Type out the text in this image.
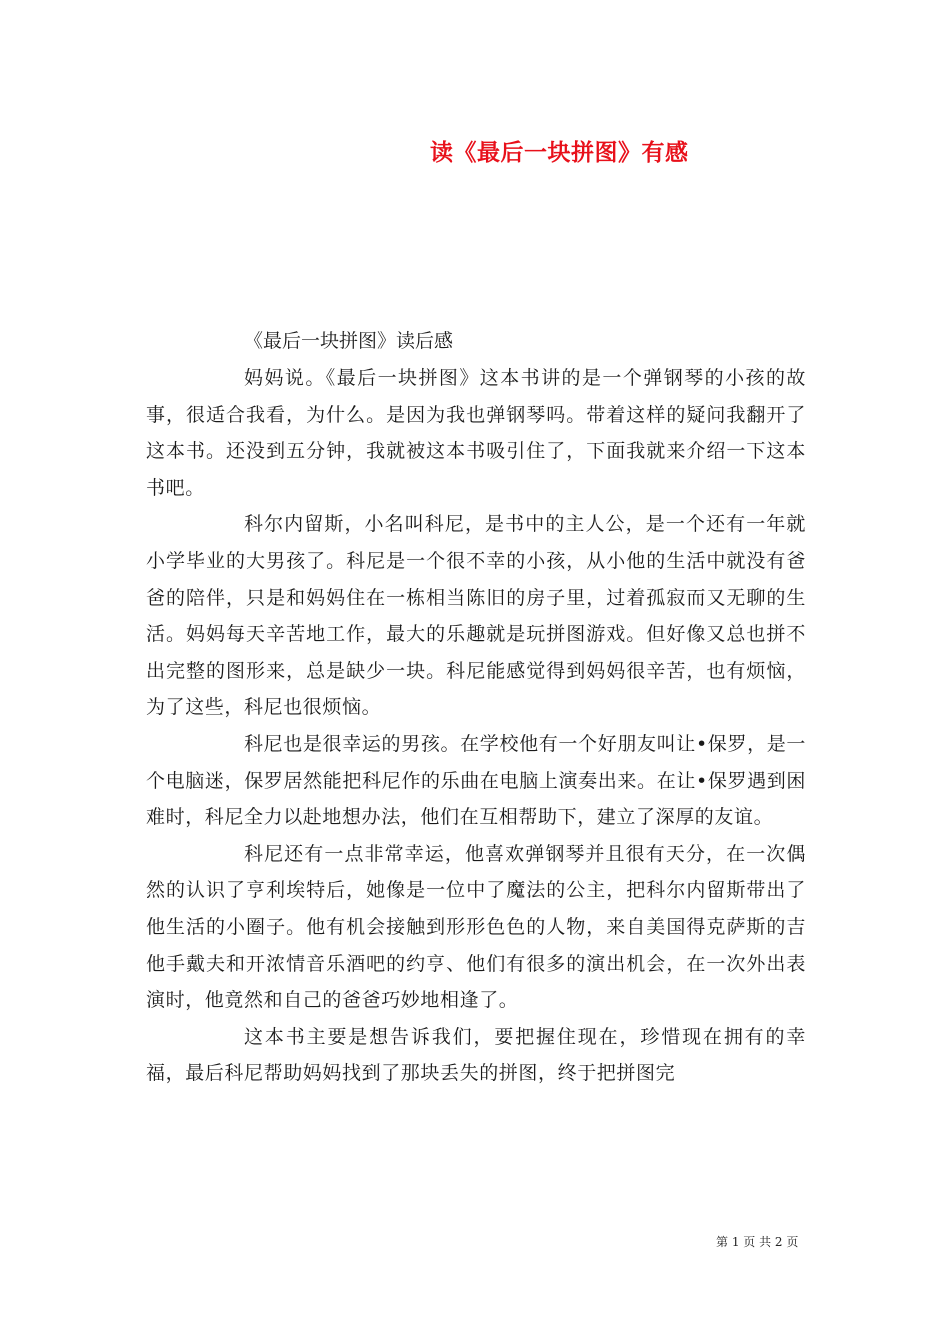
读《最后一块拼图》有感
《最后一块拼图》读后感

妈妈说。《最后一块拼图》这本书讲的是一个弹钢琴的小孩的故事，很适合我看，为什么。是因为我也弹钢琴吗。带着这样的疑问我翻开了这本书。还没到五分钟，我就被这本书吸引住了，下面我就来介绍一下这本书吧。

科尔内留斯，小名叫科尼，是书中的主人公，是一个还有一年就小学毕业的大男孩了。科尼是一个很不幸的小孩，从小他的生活中就没有爸爸的陪伴，只是和妈妈住在一栋相当陈旧的房子里，过着孤寂而又无聊的生活。妈妈每天辛苦地工作，最大的乐趣就是玩拼图游戏。但好像又总也拼不出完整的图形来，总是缺少一块。科尼能感觉得到妈妈很辛苦，也有烦恼，为了这些，科尼也很烦恼。

科尼也是很幸运的男孩。在学校他有一个好朋友叫让•保罗，是一个电脑迷，保罗居然能把科尼作的乐曲在电脑上演奏出来。在让•保罗遇到困难时，科尼全力以赴地想办法，他们在互相帮助下，建立了深厚的友谊。

科尼还有一点非常幸运，他喜欢弹钢琴并且很有天分，在一次偶然的认识了亨利埃特后，她像是一位中了魔法的公主，把科尔内留斯带出了他生活的小圈子。他有机会接触到形形色色的人物，来自美国得克萨斯的吉他手戴夫和开浓情音乐酒吧的约亨、他们有很多的演出机会，在一次外出表演时，他竟然和自己的爸爸巧妙地相逢了。

这本书主要是想告诉我们，要把握住现在，珍惜现在拥有的幸福，最后科尼帮助妈妈找到了那块丢失的拼图，终于把拼图完

第 1 页 共 2 页
